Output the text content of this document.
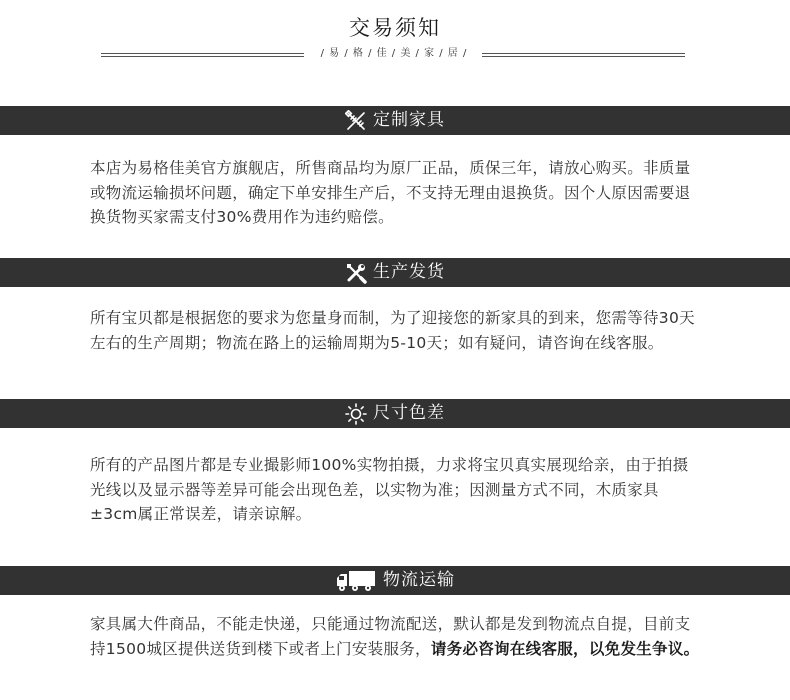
交易须知
/ 易 / 格 / 佳 / 美 / 家 / 居 /
定制家具

本店为易格佳美官方旗舰店，所售商品均为原厂正品，质保三年，请放心购买。非质量或物流运输损坏问题，确定下单安排生产后，不支持无理由退换货。因个人原因需要退换货物买家需支付30%费用作为违约赔偿。

生产发货

所有宝贝都是根据您的要求为您量身而制，为了迎接您的新家具的到来，您需等待30天左右的生产周期；物流在路上的运输周期为5-10天；如有疑问，请咨询在线客服。

尺寸色差

所有的产品图片都是专业撮影师100%实物拍摄，力求将宝贝真实展现给亲，由于拍摄光线以及显示器等差异可能会出现色差，以实物为准；因测量方式不同，木质家具±3cm属正常误差，请亲谅解。

物流运输

家具属大件商品，不能走快递，只能通过物流配送，默认都是发到物流点自提，目前支持1500城区提供送货到楼下或者上门安装服务，请务必咨询在线客服，以免发生争议。
